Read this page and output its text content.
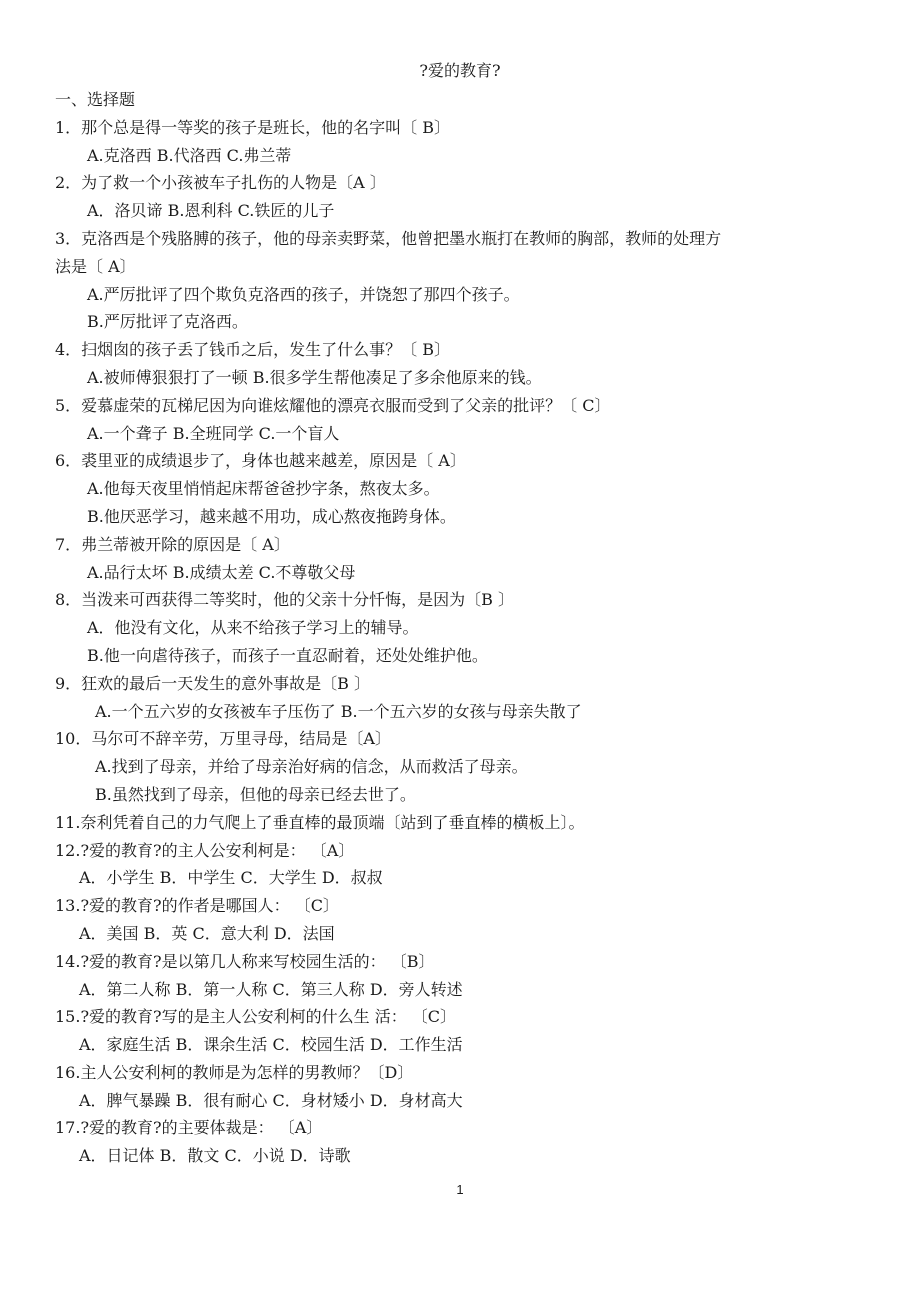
?爱的教育?
一、选择题
1．那个总是得一等奖的孩子是班长，他的名字叫〔 B〕
A.克洛西 B.代洛西 C.弗兰蒂
2．为了救一个小孩被车子扎伤的人物是〔A 〕
A．洛贝谛 B.恩利科 C.铁匠的儿子
3．克洛西是个残胳膊的孩子，他的母亲卖野菜，他曾把墨水瓶打在教师的胸部，教师的处理方
法是〔 A〕
A.严厉批评了四个欺负克洛西的孩子，并饶恕了那四个孩子。
B.严厉批评了克洛西。
4．扫烟囱的孩子丢了钱币之后，发生了什么事？〔 B〕
A.被师傅狠狠打了一顿 B.很多学生帮他凑足了多余他原来的钱。
5．爱慕虚荣的瓦梯尼因为向谁炫耀他的漂亮衣服而受到了父亲的批评？〔 C〕
A.一个聋子 B.全班同学 C.一个盲人
6．裘里亚的成绩退步了，身体也越来越差，原因是〔 A〕
A.他每天夜里悄悄起床帮爸爸抄字条，熬夜太多。
B.他厌恶学习，越来越不用功，成心熬夜拖跨身体。
7．弗兰蒂被开除的原因是〔 A〕
A.品行太坏 B.成绩太差 C.不尊敬父母
8．当泼来可西获得二等奖时，他的父亲十分忏悔，是因为〔B 〕
A．他没有文化，从来不给孩子学习上的辅导。
B.他一向虐待孩子，而孩子一直忍耐着，还处处维护他。
9．狂欢的最后一天发生的意外事故是〔B 〕
A.一个五六岁的女孩被车子压伤了 B.一个五六岁的女孩与母亲失散了
10．马尔可不辞辛劳，万里寻母，结局是〔A〕
A.找到了母亲，并给了母亲治好病的信念，从而救活了母亲。
B.虽然找到了母亲，但他的母亲已经去世了。
11.奈利凭着自己的力气爬上了垂直棒的最顶端〔站到了垂直棒的横板上〕。
12.?爱的教育?的主人公安利柯是： 〔A〕
A．小学生 B．中学生 C．大学生 D．叔叔
13.?爱的教育?的作者是哪国人： 〔C〕
A．美国 B．英 C．意大利 D．法国
14.?爱的教育?是以第几人称来写校园生活的： 〔B〕
A．第二人称 B．第一人称 C．第三人称 D．旁人转述
15.?爱的教育?写的是主人公安利柯的什么生 活： 〔C〕
A．家庭生活 B．课余生活 C．校园生活 D．工作生活
16.主人公安利柯的教师是为怎样的男教师？〔D〕
A．脾气暴躁 B．很有耐心 C．身材矮小 D．身材高大
17.?爱的教育?的主要体裁是： 〔A〕
A．日记体 B．散文 C．小说 D．诗歌
1
